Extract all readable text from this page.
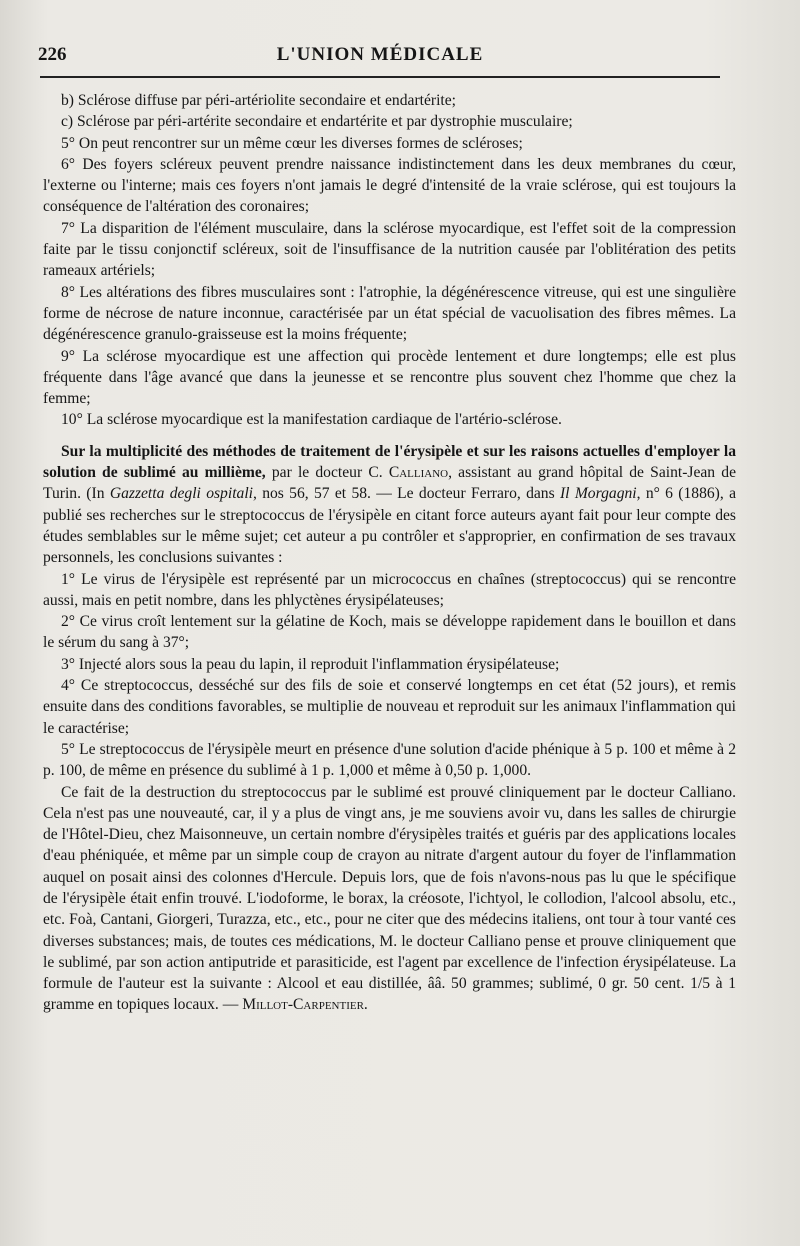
226	L'UNION MÉDICALE

b) Sclérose diffuse par péri-artériolite secondaire et endartérite;

c) Sclérose par péri-artérite secondaire et endartérite et par dystrophie musculaire;

5° On peut rencontrer sur un même cœur les diverses formes de scléroses;

6° Des foyers scléreux peuvent prendre naissance indistinctement dans les deux membranes du cœur, l'externe ou l'interne; mais ces foyers n'ont jamais le degré d'intensité de la vraie sclérose, qui est toujours la conséquence de l'altération des coronaires;

7° La disparition de l'élément musculaire, dans la sclérose myocardique, est l'effet soit de la compression faite par le tissu conjonctif scléreux, soit de l'insuffisance de la nutrition causée par l'oblitération des petits rameaux artériels;

8° Les altérations des fibres musculaires sont : l'atrophie, la dégénérescence vitreuse, qui est une singulière forme de nécrose de nature inconnue, caractérisée par un état spécial de vacuolisation des fibres mêmes. La dégénérescence granulo-graisseuse est la moins fréquente;

9° La sclérose myocardique est une affection qui procède lentement et dure longtemps; elle est plus fréquente dans l'âge avancé que dans la jeunesse et se rencontre plus souvent chez l'homme que chez la femme;

10° La sclérose myocardique est la manifestation cardiaque de l'artério-sclérose.

Sur la multiplicité des méthodes de traitement de l'érysipèle et sur les raisons actuelles d'employer la solution de sublimé au millième, par le docteur C. Calliano, assistant au grand hôpital de Saint-Jean de Turin. (In Gazzetta degli ospitali, nos 56, 57 et 58. — Le docteur Ferraro, dans Il Morgagni, n° 6 (1886), a publié ses recherches sur le streptococcus de l'érysipèle en citant force auteurs ayant fait pour leur compte des études semblables sur le même sujet; cet auteur a pu contrôler et s'approprier, en confirmation de ses travaux personnels, les conclusions suivantes :

1° Le virus de l'érysipèle est représenté par un micrococcus en chaînes (streptococcus) qui se rencontre aussi, mais en petit nombre, dans les phlyctènes érysipélateuses;

2° Ce virus croît lentement sur la gélatine de Koch, mais se développe rapidement dans le bouillon et dans le sérum du sang à 37°;

3° Injecté alors sous la peau du lapin, il reproduit l'inflammation érysipélateuse;

4° Ce streptococcus, desséché sur des fils de soie et conservé longtemps en cet état (52 jours), et remis ensuite dans des conditions favorables, se multiplie de nouveau et reproduit sur les animaux l'inflammation qui le caractérise;

5° Le streptococcus de l'érysipèle meurt en présence d'une solution d'acide phénique à 5 p. 100 et même à 2 p. 100, de même en présence du sublimé à 1 p. 1,000 et même à 0,50 p. 1,000.

Ce fait de la destruction du streptococcus par le sublimé est prouvé cliniquement par le docteur Calliano. Cela n'est pas une nouveauté, car, il y a plus de vingt ans, je me souviens avoir vu, dans les salles de chirurgie de l'Hôtel-Dieu, chez Maisonneuve, un certain nombre d'érysipèles traités et guéris par des applications locales d'eau phéniquée, et même par un simple coup de crayon au nitrate d'argent autour du foyer de l'inflammation auquel on posait ainsi des colonnes d'Hercule. Depuis lors, que de fois n'avons-nous pas lu que le spécifique de l'érysipèle était enfin trouvé. L'iodoforme, le borax, la créosote, l'ichtyol, le collodion, l'alcool absolu, etc., etc. Foà, Cantani, Giorgeri, Turazza, etc., etc., pour ne citer que des médecins italiens, ont tour à tour vanté ces diverses substances; mais, de toutes ces médications, M. le docteur Calliano pense et prouve cliniquement que le sublimé, par son action antiputride et parasiticide, est l'agent par excellence de l'infection érysipélateuse. La formule de l'auteur est la suivante : Alcool et eau distillée, ââ. 50 grammes; sublimé, 0 gr. 50 cent. 1/5 à 1 gramme en topiques locaux. — Millot-Carpentier.
